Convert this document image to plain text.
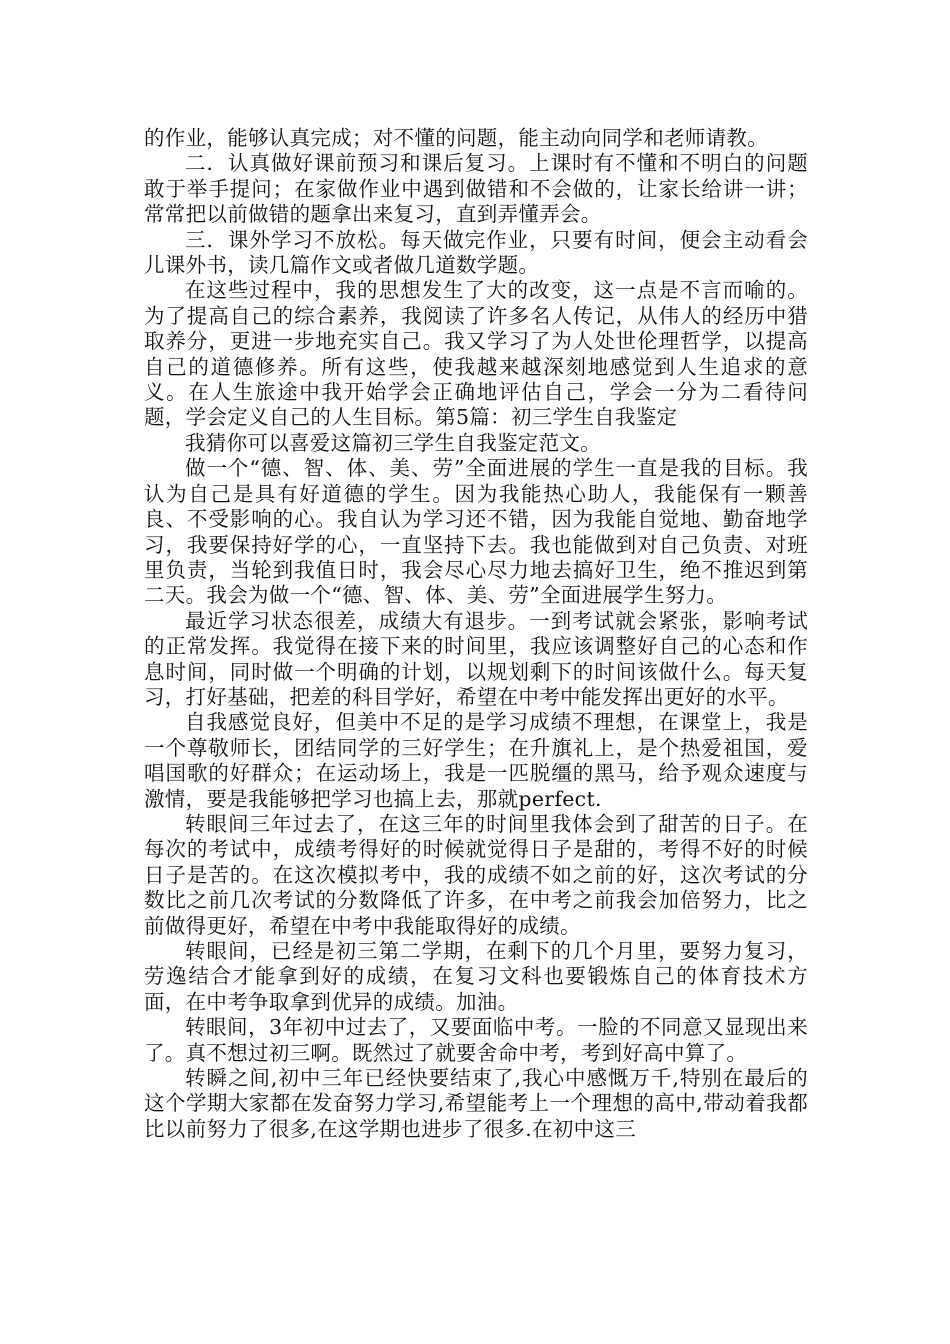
的作业，能够认真完成；对不懂的问题，能主动向同学和老师请教。

二．认真做好课前预习和课后复习。上课时有不懂和不明白的问题敢于举手提问；在家做作业中遇到做错和不会做的，让家长给讲一讲；常常把以前做错的题拿出来复习，直到弄懂弄会。

三．课外学习不放松。每天做完作业，只要有时间，便会主动看会儿课外书，读几篇作文或者做几道数学题。

在这些过程中，我的思想发生了大的改变，这一点是不言而喻的。为了提高自己的综合素养，我阅读了许多名人传记，从伟人的经历中猎取养分，更进一步地充实自己。我又学习了为人处世伦理哲学，以提高自己的道德修养。所有这些，使我越来越深刻地感觉到人生追求的意义。在人生旅途中我开始学会正确地评估自己，学会一分为二看待问题，学会定义自己的人生目标。第5篇：初三学生自我鉴定

我猜你可以喜爱这篇初三学生自我鉴定范文。

做一个“德、智、体、美、劳”全面进展的学生一直是我的目标。我认为自己是具有好道德的学生。因为我能热心助人，我能保有一颗善良、不受影响的心。我自认为学习还不错，因为我能自觉地、勤奋地学习，我要保持好学的心，一直坚持下去。我也能做到对自己负责、对班里负责，当轮到我值日时，我会尽心尽力地去搞好卫生，绝不推迟到第二天。我会为做一个“德、智、体、美、劳”全面进展学生努力。

最近学习状态很差，成绩大有退步。一到考试就会紧张，影响考试的正常发挥。我觉得在接下来的时间里，我应该调整好自己的心态和作息时间，同时做一个明确的计划，以规划剩下的时间该做什么。每天复习，打好基础，把差的科目学好，希望在中考中能发挥出更好的水平。

自我感觉良好，但美中不足的是学习成绩不理想，在课堂上，我是一个尊敬师长，团结同学的三好学生；在升旗礼上，是个热爱祖国，爱唱国歌的好群众；在运动场上，我是一匹脱缰的黑马，给予观众速度与激情，要是我能够把学习也搞上去，那就perfect.

转眼间三年过去了，在这三年的时间里我体会到了甜苦的日子。在每次的考试中，成绩考得好的时候就觉得日子是甜的，考得不好的时候日子是苦的。在这次模拟考中，我的成绩不如之前的好，这次考试的分数比之前几次考试的分数降低了许多，在中考之前我会加倍努力，比之前做得更好，希望在中考中我能取得好的成绩。

转眼间，已经是初三第二学期，在剩下的几个月里，要努力复习，劳逸结合才能拿到好的成绩，在复习文科也要锻炼自己的体育技术方面，在中考争取拿到优异的成绩。加油。

转眼间，3年初中过去了，又要面临中考。一脸的不同意又显现出来了。真不想过初三啊。既然过了就要舍命中考，考到好高中算了。

转瞬之间,初中三年已经快要结束了,我心中感慨万千,特别在最后的这个学期大家都在发奋努力学习,希望能考上一个理想的高中,带动着我都比以前努力了很多,在这学期也进步了很多.在初中这三
